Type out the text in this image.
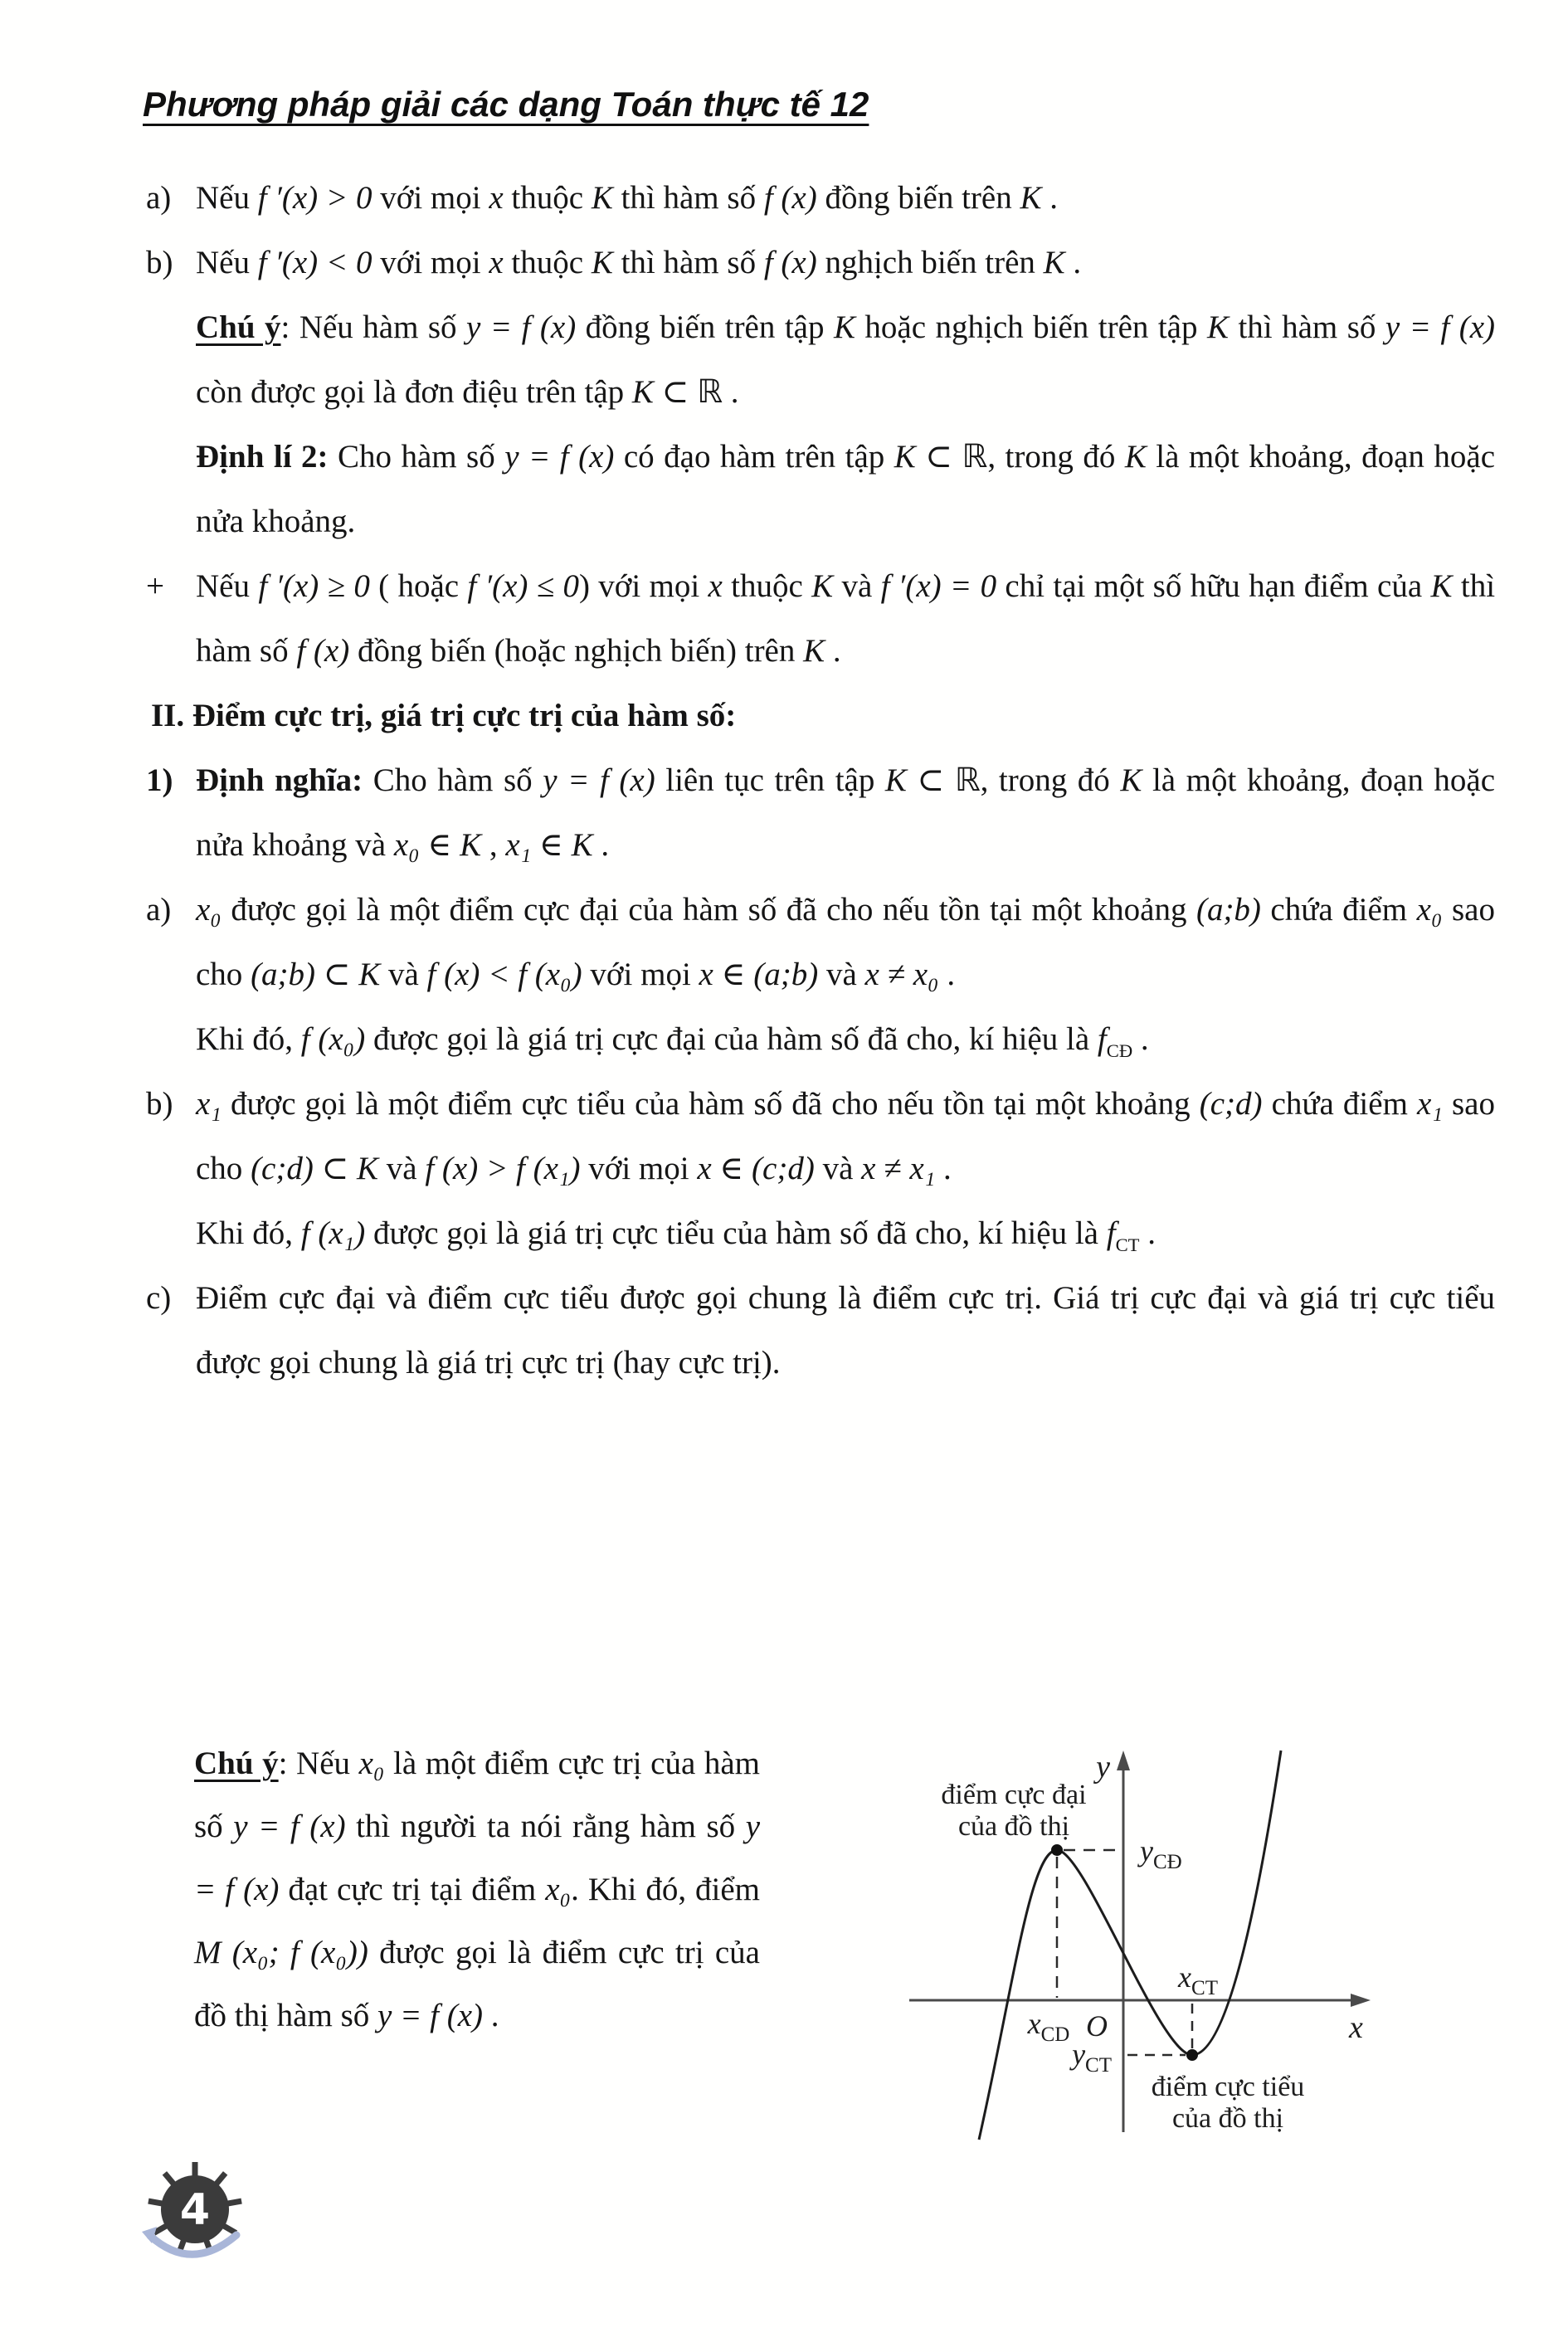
Phương pháp giải các dạng Toán thực tế 12

a) Nếu f ′(x) > 0 với mọi x thuộc K thì hàm số f (x) đồng biến trên K .

b) Nếu f ′(x) < 0 với mọi x thuộc K thì hàm số f (x) nghịch biến trên K .

Chú ý: Nếu hàm số y = f (x) đồng biến trên tập K hoặc nghịch biến trên tập K thì hàm số y = f (x) còn được gọi là đơn điệu trên tập K ⊂ ℝ .

Định lí 2: Cho hàm số y = f (x) có đạo hàm trên tập K ⊂ ℝ, trong đó K là một khoảng, đoạn hoặc nửa khoảng.

+ Nếu f ′(x) ≥ 0 ( hoặc f ′(x) ≤ 0) với mọi x thuộc K và f ′(x) = 0 chỉ tại một số hữu hạn điểm của K thì hàm số f (x) đồng biến (hoặc nghịch biến) trên K .

II. Điểm cực trị, giá trị cực trị của hàm số:

1) Định nghĩa: Cho hàm số y = f (x) liên tục trên tập K ⊂ ℝ, trong đó K là một khoảng, đoạn hoặc nửa khoảng và x₀ ∈ K , x₁ ∈ K .

a) x₀ được gọi là một điểm cực đại của hàm số đã cho nếu tồn tại một khoảng (a;b) chứa điểm x₀ sao cho (a;b) ⊂ K và f (x) < f (x₀) với mọi x ∈ (a;b) và x ≠ x₀ .

Khi đó, f (x₀) được gọi là giá trị cực đại của hàm số đã cho, kí hiệu là $f_{CĐ}$ .

b) x₁ được gọi là một điểm cực tiểu của hàm số đã cho nếu tồn tại một khoảng (c;d) chứa điểm x₁ sao cho (c;d) ⊂ K và f (x) > f (x₁) với mọi x ∈ (c;d) và x ≠ x₁ .

Khi đó, f (x₁) được gọi là giá trị cực tiểu của hàm số đã cho, kí hiệu là $f_{CT}$ .

c) Điểm cực đại và điểm cực tiểu được gọi chung là điểm cực trị. Giá trị cực đại và giá trị cực tiểu được gọi chung là giá trị cực trị (hay cực trị).

Chú ý: Nếu x₀ là một điểm cực trị của hàm số y = f (x) thì người ta nói rằng hàm số y = f (x) đạt cực trị tại điểm x₀. Khi đó, điểm M (x₀; f (x₀)) được gọi là điểm cực trị của đồ thị hàm số y = f (x) .

y
x
O
điểm cực đại
của đồ thị
$y_{CĐ}$
$x_{CD}$
$x_{CT}$
$y_{CT}$
điểm cực tiểu
của đồ thị
4
